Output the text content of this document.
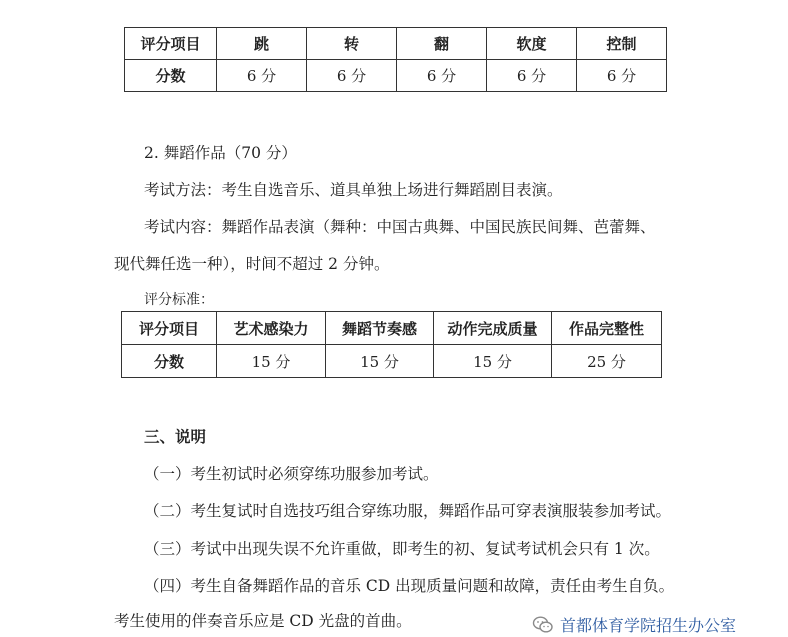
评分项目	跳	转	翻	软度	控制
分数	6 分	6 分	6 分	6 分	6 分
2. 舞蹈作品（70 分）
考试方法：考生自选音乐、道具单独上场进行舞蹈剧目表演。
考试内容：舞蹈作品表演（舞种：中国古典舞、中国民族民间舞、芭蕾舞、
现代舞任选一种），时间不超过 2 分钟。
评分标准：
评分项目	艺术感染力	舞蹈节奏感	动作完成质量	作品完整性
分数	15 分	15 分	15 分	25 分
三、说明
（一）考生初试时必须穿练功服参加考试。
（二）考生复试时自选技巧组合穿练功服，舞蹈作品可穿表演服装参加考试。
（三）考试中出现失误不允许重做，即考生的初、复试考试机会只有 1 次。
（四）考生自备舞蹈作品的音乐 CD 出现质量问题和故障，责任由考生自负。
考生使用的伴奏音乐应是 CD 光盘的首曲。	首都体育学院招生办公室
